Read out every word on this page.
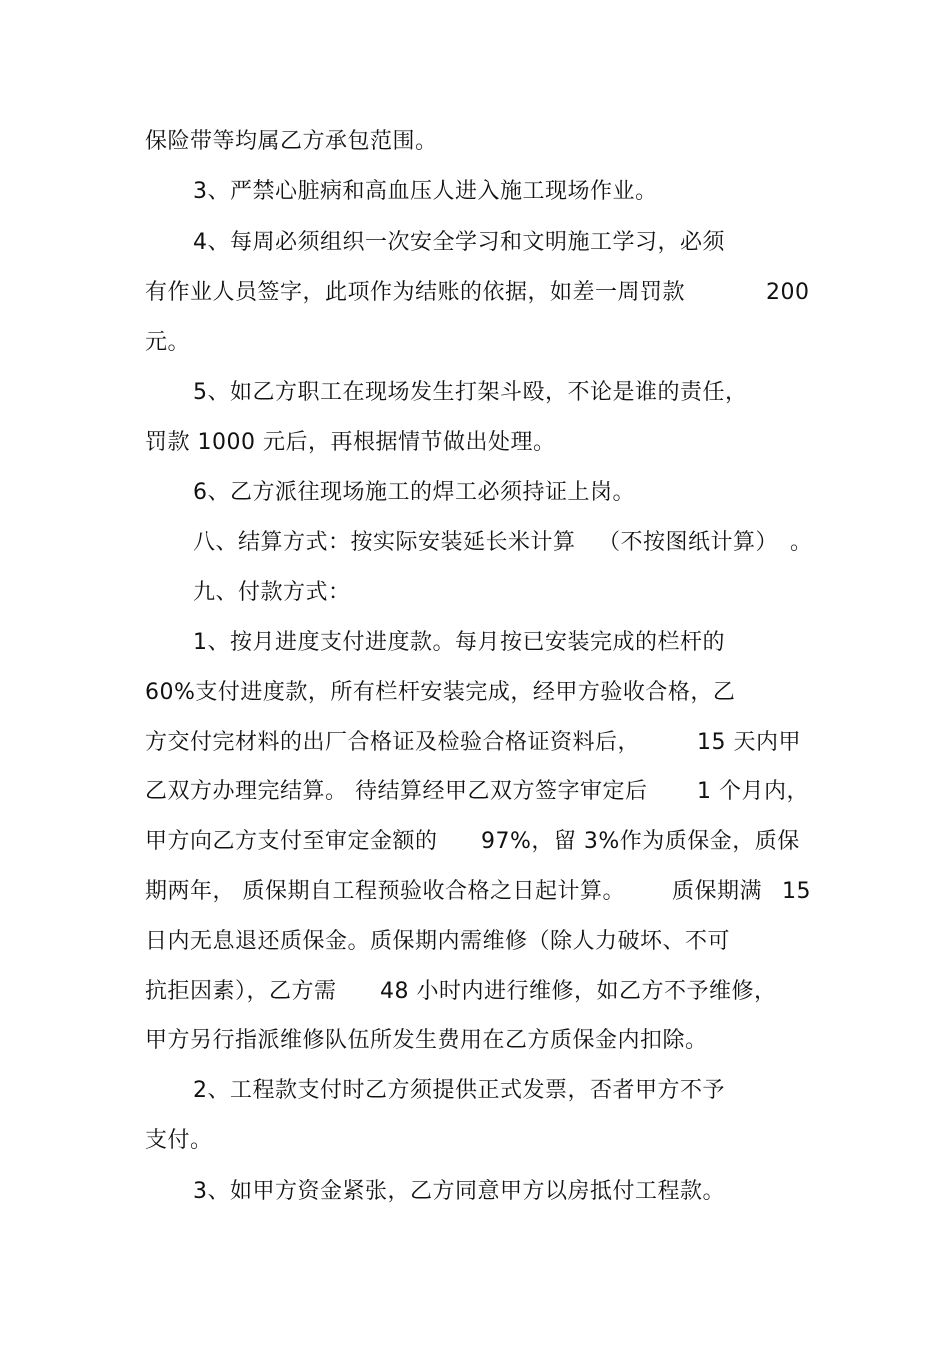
保险带等均属乙方承包范围。
3、严禁心脏病和高血压人进入施工现场作业。
4、每周必须组织一次安全学习和文明施工学习，必须
有作业人员签字，此项作为结账的依据，如差一周罚款	200
元。
5、如乙方职工在现场发生打架斗殴，不论是谁的责任，
罚款 1000 元后，再根据情节做出处理。
6、乙方派往现场施工的焊工必须持证上岗。
八、结算方式：按实际安装延长米计算 （不按图纸计算） 。
九、付款方式：
1、按月进度支付进度款。每月按已安装完成的栏杆的
60%支付进度款，所有栏杆安装完成，经甲方验收合格，乙
方交付完材料的出厂合格证及检验合格证资料后，	15 天内甲
乙双方办理完结算。 待结算经甲乙双方签字审定后 1 个月内，
甲方向乙方支付至审定金额的 97%，留 3%作为质保金，质保
期两年， 质保期自工程预验收合格之日起计算。 质保期满 15
日内无息退还质保金。质保期内需维修（除人力破坏、不可
抗拒因素），乙方需 48 小时内进行维修，如乙方不予维修，
甲方另行指派维修队伍所发生费用在乙方质保金内扣除。
2、工程款支付时乙方须提供正式发票，否者甲方不予
支付。
3、如甲方资金紧张，乙方同意甲方以房抵付工程款。
